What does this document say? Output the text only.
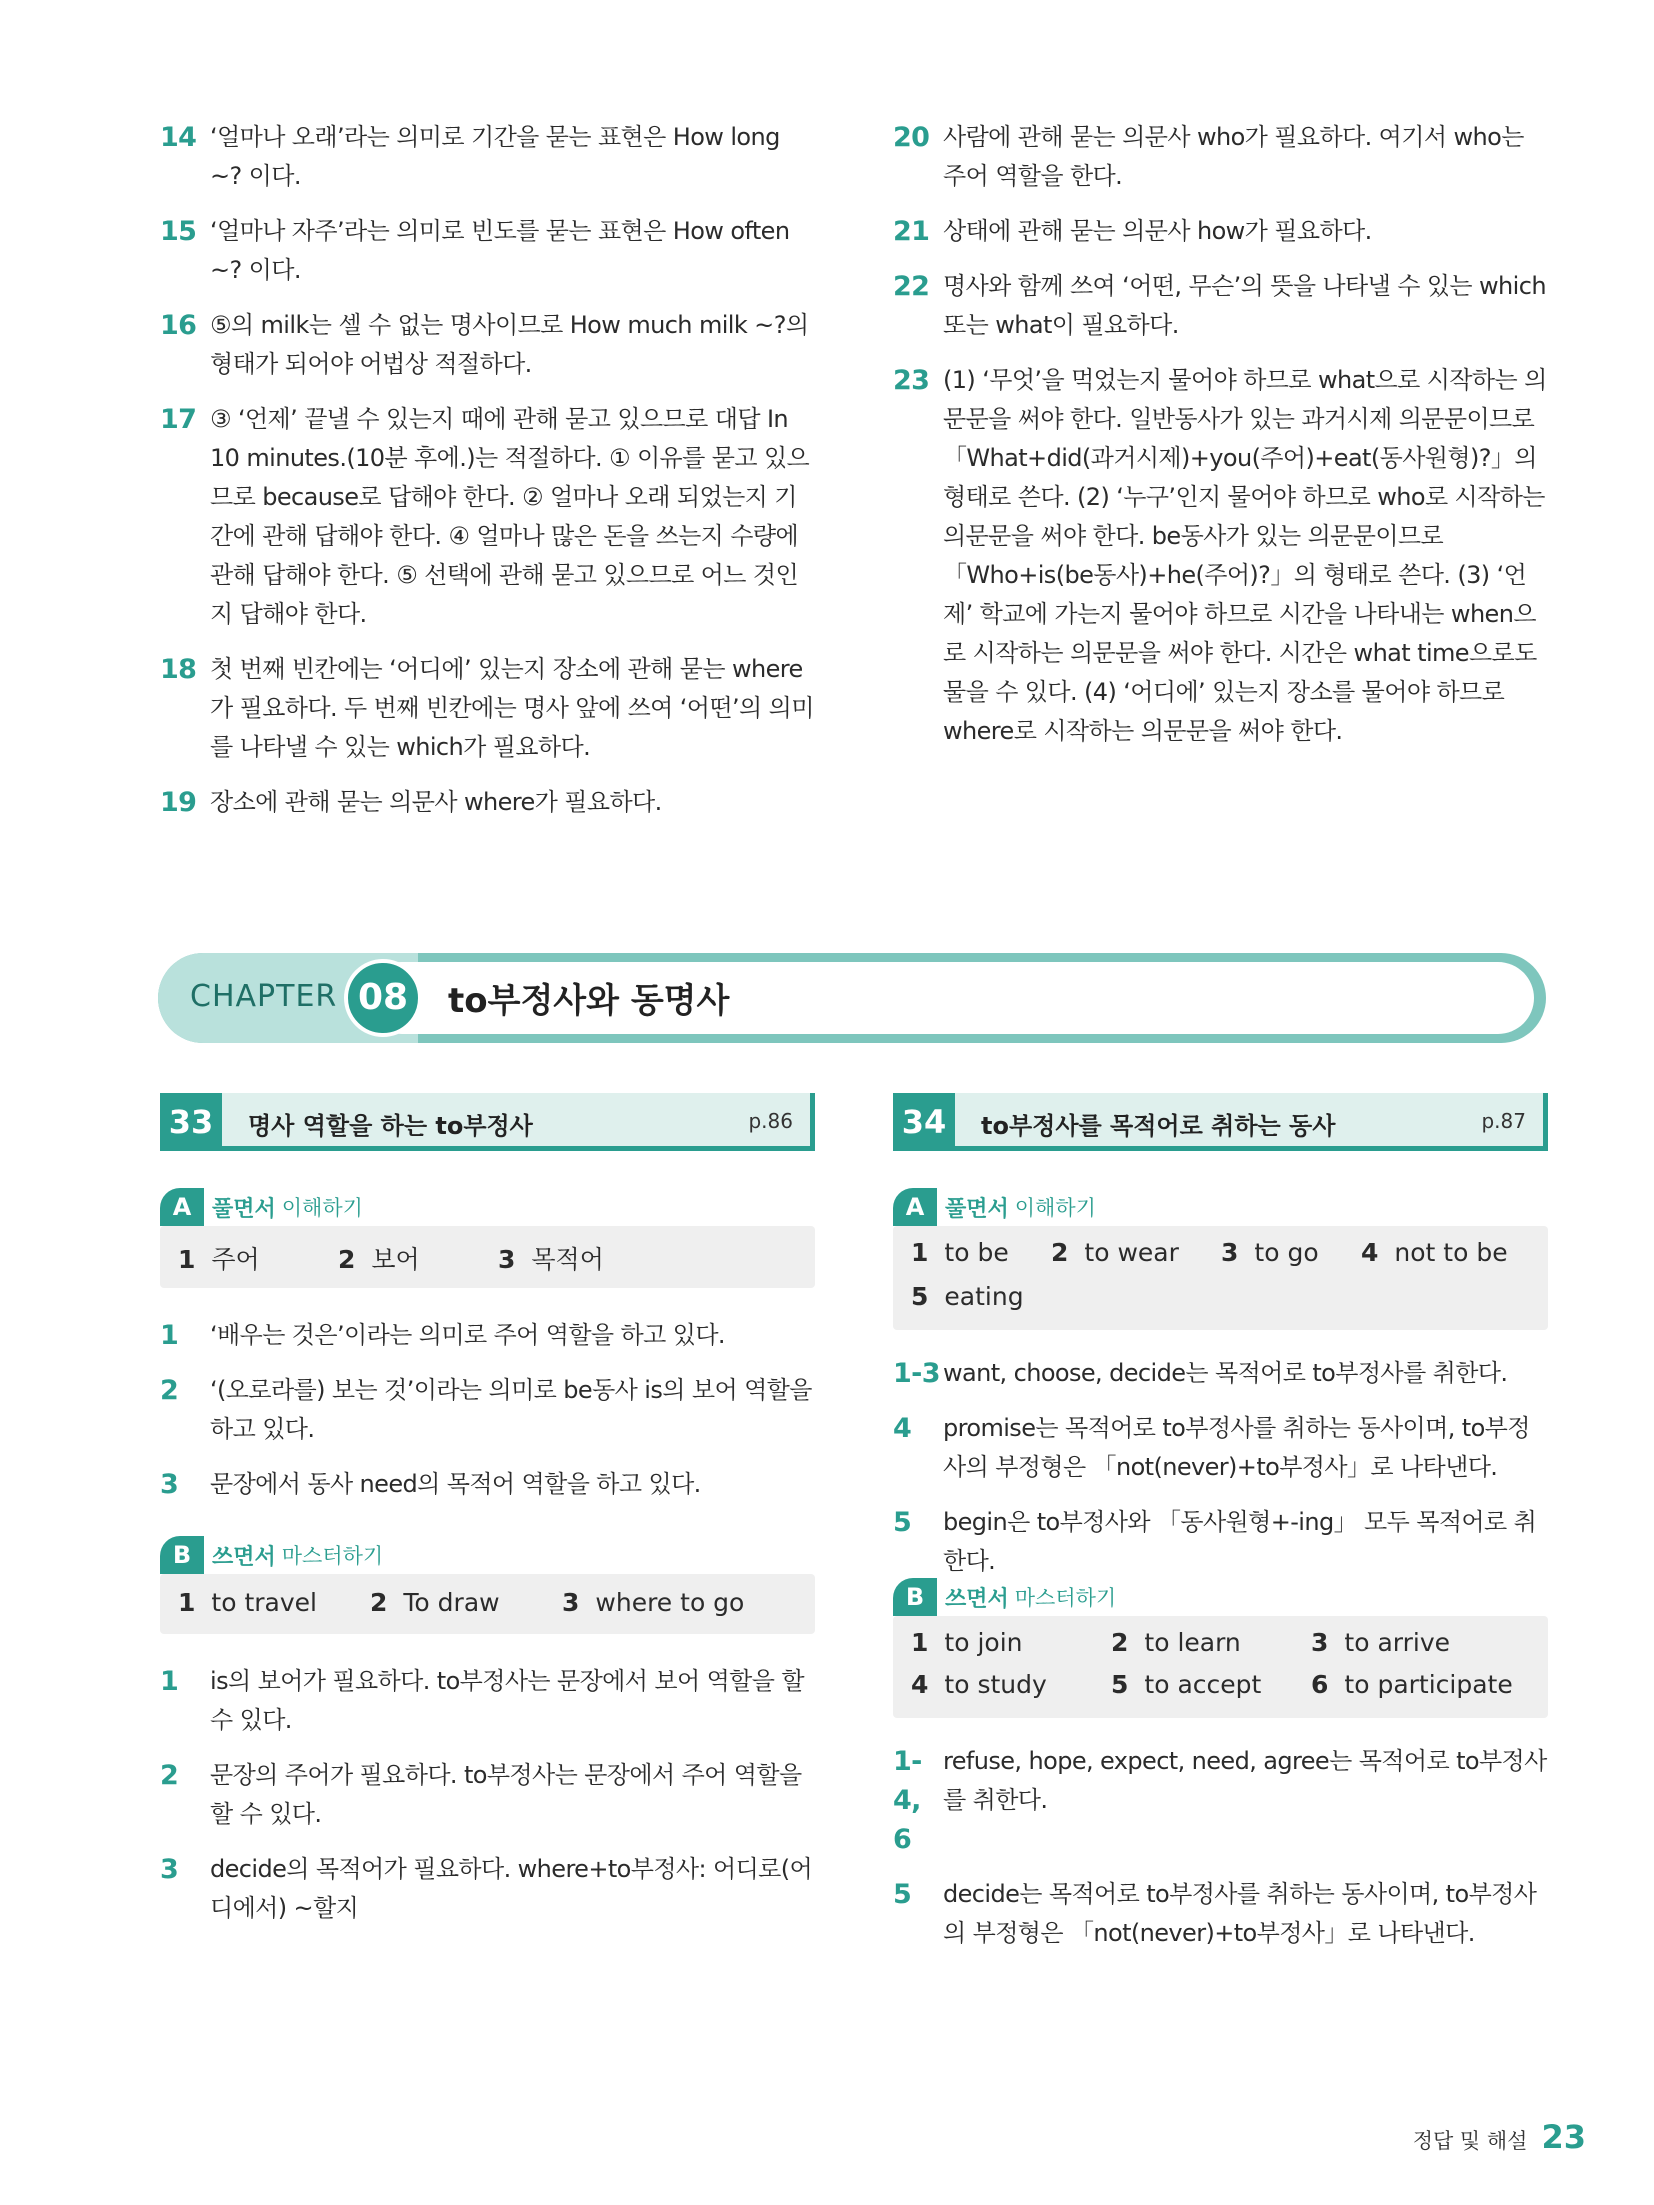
14 ‘얼마나 오래’라는 의미로 기간을 묻는 표현은 How long ~? 이다.
15 ‘얼마나 자주’라는 의미로 빈도를 묻는 표현은 How often ~? 이다.
16 ⑤의 milk는 셀 수 없는 명사이므로 How much milk ~?의 형태가 되어야 어법상 적절하다.
17 ③ ‘언제’ 끝낼 수 있는지 때에 관해 묻고 있으므로 대답 In 10 minutes.(10분 후에.)는 적절하다. ① 이유를 묻고 있으므로 because로 답해야 한다. ② 얼마나 오래 되었는지 기간에 관해 답해야 한다. ④ 얼마나 많은 돈을 쓰는지 수량에 관해 답해야 한다. ⑤ 선택에 관해 묻고 있으므로 어느 것인지 답해야 한다.
18 첫 번째 빈칸에는 ‘어디에’ 있는지 장소에 관해 묻는 where가 필요하다. 두 번째 빈칸에는 명사 앞에 쓰여 ‘어떤’의 의미를 나타낼 수 있는 which가 필요하다.
19 장소에 관해 묻는 의문사 where가 필요하다.
20 사람에 관해 묻는 의문사 who가 필요하다. 여기서 who는 주어 역할을 한다.
21 상태에 관해 묻는 의문사 how가 필요하다.
22 명사와 함께 쓰여 ‘어떤, 무슨’의 뜻을 나타낼 수 있는 which 또는 what이 필요하다.
23 (1) ‘무엇’을 먹었는지 물어야 하므로 what으로 시작하는 의문문을 써야 한다. 일반동사가 있는 과거시제 의문문이므로 「What+did(과거시제)+you(주어)+eat(동사원형)?」의 형태로 쓴다. (2) ‘누구’인지 물어야 하므로 who로 시작하는 의문문을 써야 한다. be동사가 있는 의문문이므로 「Who+is(be동사)+he(주어)?」의 형태로 쓴다. (3) ‘언제’ 학교에 가는지 물어야 하므로 시간을 나타내는 when으로 시작하는 의문문을 써야 한다. 시간은 what time으로도 물을 수 있다. (4) ‘어디에’ 있는지 장소를 물어야 하므로 where로 시작하는 의문문을 써야 한다.
CHAPTER 08	to부정사와 동명사
33	명사 역할을 하는 to부정사	p.86
A 풀면서 이해하기
1 주어	2 보어	3 목적어
1	‘배우는 것은’이라는 의미로 주어 역할을 하고 있다.
2	‘(오로라를) 보는 것’이라는 의미로 be동사 is의 보어 역할을 하고 있다.
3	문장에서 동사 need의 목적어 역할을 하고 있다.
B 쓰면서 마스터하기
1 to travel 2 To draw 3 where to go
1	is의 보어가 필요하다. to부정사는 문장에서 보어 역할을 할 수 있다.
2	문장의 주어가 필요하다. to부정사는 문장에서 주어 역할을 할 수 있다.
3	decide의 목적어가 필요하다. where+to부정사: 어디로(어디에서) ~할지
34	to부정사를 목적어로 취하는 동사	p.87
A 풀면서 이해하기
1 to be 2 to wear 3 to go 4 not to be
5 eating
1-3 want, choose, decide는 목적어로 to부정사를 취한다.
4	promise는 목적어로 to부정사를 취하는 동사이며, to부정사의 부정형은 「not(never)+to부정사」로 나타낸다.
5	begin은 to부정사와 「동사원형+-ing」 모두 목적어로 취한다.
B 쓰면서 마스터하기
1 to join	2 to learn	3 to arrive
4 to study	5 to accept 6 to participate
1-4, 6
refuse, hope, expect, need, agree는 목적어로 to부정사를 취한다.
5	decide는 목적어로 to부정사를 취하는 동사이며, to부정사의 부정형은 「not(never)+to부정사」로 나타낸다.
정답 및 해설 23
